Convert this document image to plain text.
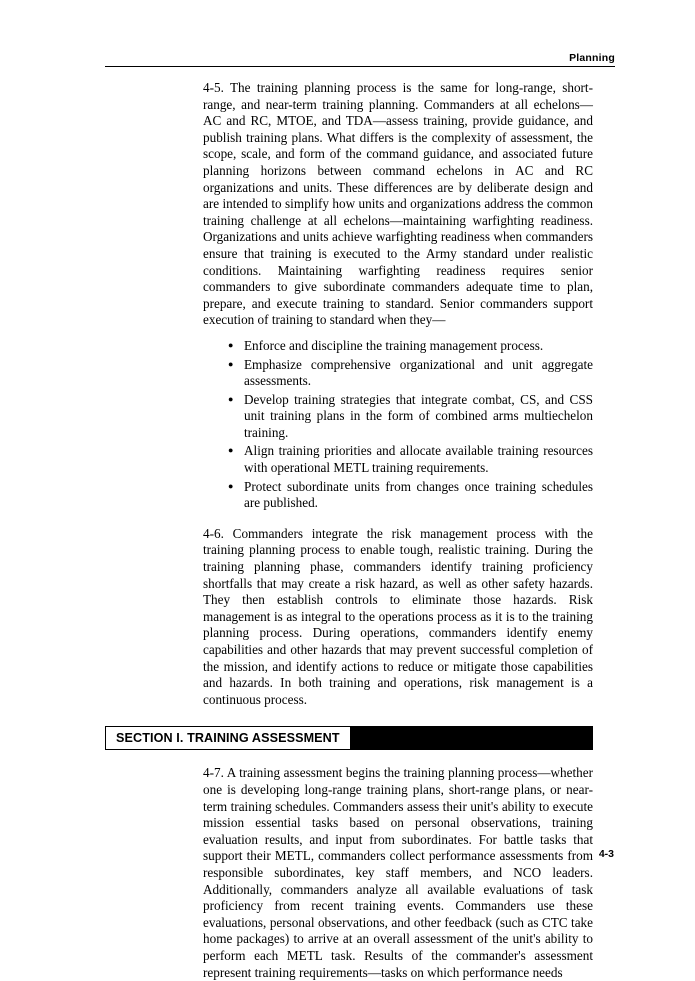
Planning

4-5. The training planning process is the same for long-range, short-range, and near-term training planning. Commanders at all echelons—AC and RC, MTOE, and TDA—assess training, provide guidance, and publish training plans. What differs is the complexity of assessment, the scope, scale, and form of the command guidance, and associated future planning horizons between command echelons in AC and RC organizations and units. These differences are by deliberate design and are intended to simplify how units and organizations address the common training challenge at all echelons—maintaining warfighting readiness. Organizations and units achieve warfighting readiness when commanders ensure that training is executed to the Army standard under realistic conditions. Maintaining warfighting readiness requires senior commanders to give subordinate commanders adequate time to plan, prepare, and execute training to standard. Senior commanders support execution of training to standard when they—

● Enforce and discipline the training management process.
● Emphasize comprehensive organizational and unit aggregate assessments.
● Develop training strategies that integrate combat, CS, and CSS unit training plans in the form of combined arms multiechelon training.
● Align training priorities and allocate available training resources with operational METL training requirements.
● Protect subordinate units from changes once training schedules are published.

4-6. Commanders integrate the risk management process with the training planning process to enable tough, realistic training. During the training planning phase, commanders identify training proficiency shortfalls that may create a risk hazard, as well as other safety hazards. They then establish controls to eliminate those hazards. Risk management is as integral to the operations process as it is to the training planning process. During operations, commanders identify enemy capabilities and other hazards that may prevent successful completion of the mission, and identify actions to reduce or mitigate those capabilities and hazards. In both training and operations, risk management is a continuous process.

SECTION I. TRAINING ASSESSMENT

4-7. A training assessment begins the training planning process—whether one is developing long-range training plans, short-range plans, or near-term training schedules. Commanders assess their unit's ability to execute mission essential tasks based on personal observations, training evaluation results, and input from subordinates. For battle tasks that support their METL, commanders collect performance assessments from responsible subordinates, key staff members, and NCO leaders. Additionally, commanders analyze all available evaluations of task proficiency from recent training events. Commanders use these evaluations, personal observations, and other feedback (such as CTC take home packages) to arrive at an overall assessment of the unit's ability to perform each METL task. Results of the commander's assessment represent training requirements—tasks on which performance needs

4-3
